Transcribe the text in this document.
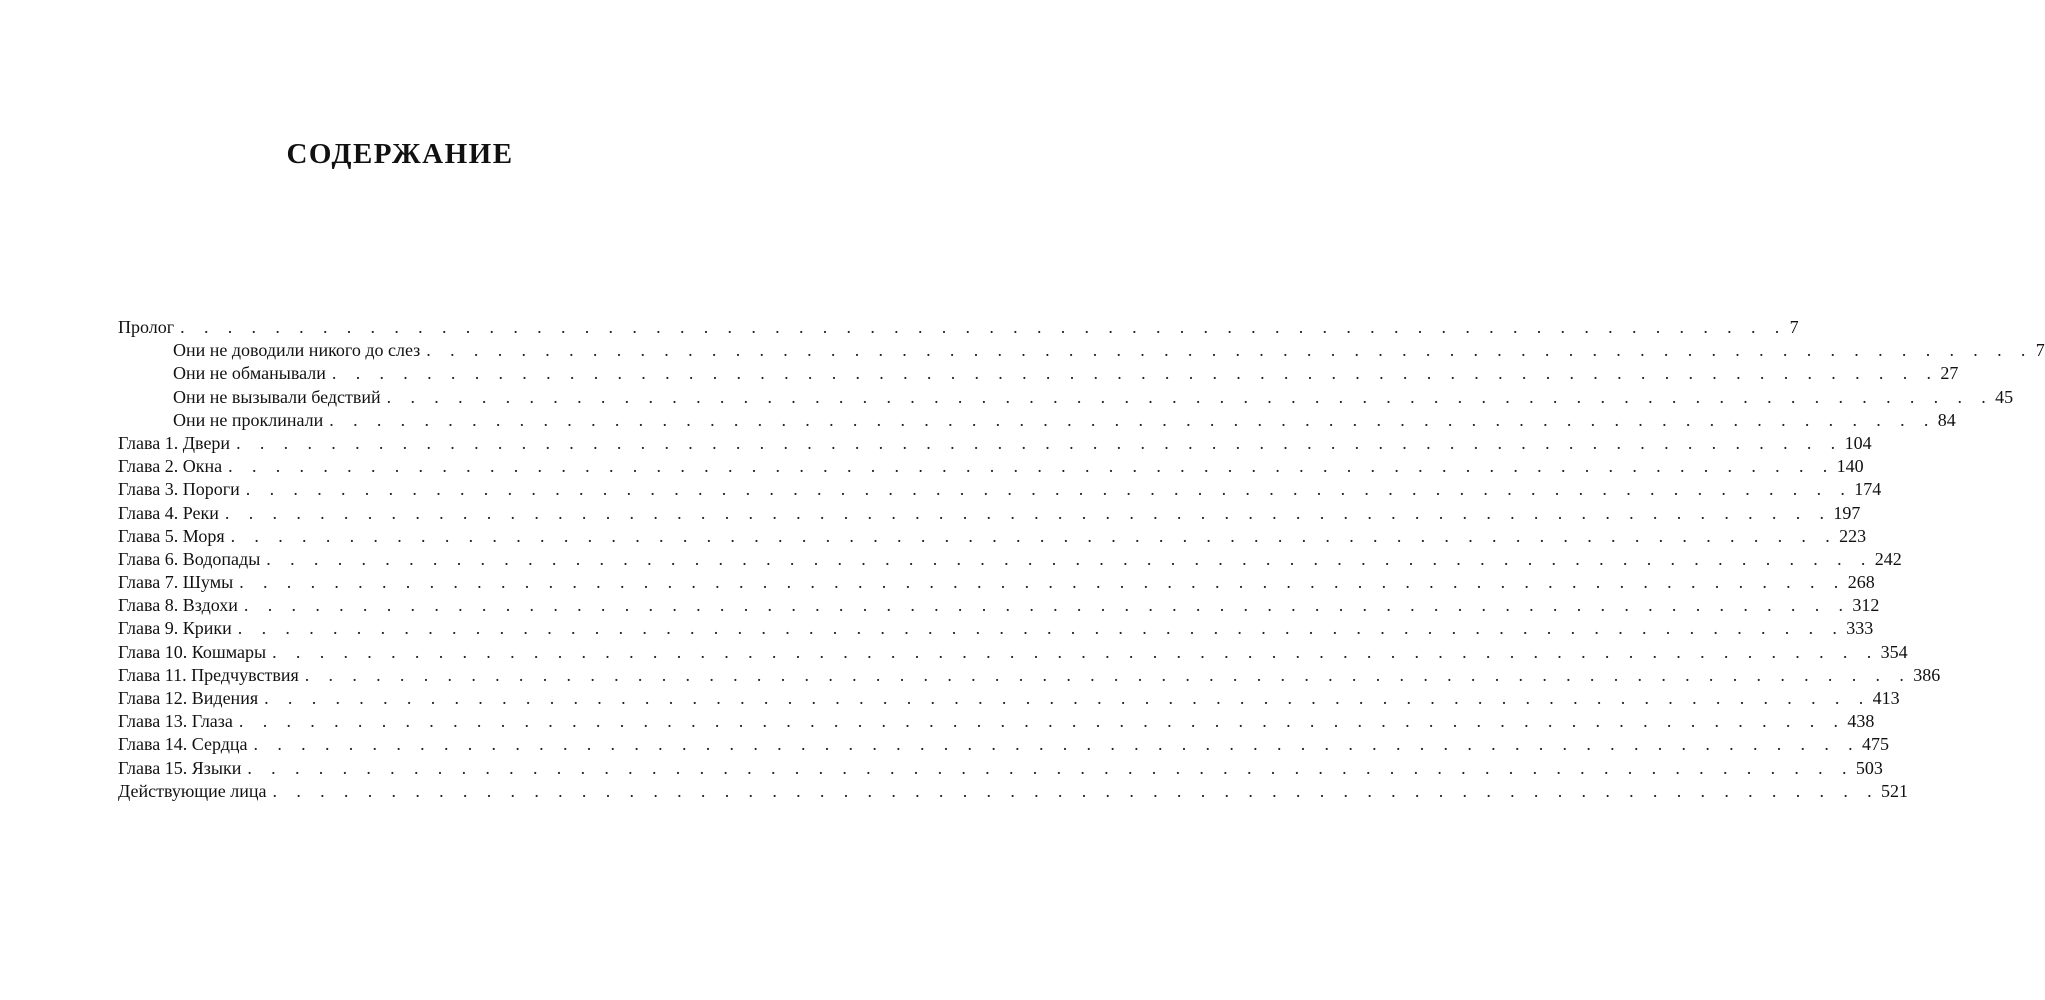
СОДЕРЖАНИЕ
Пролог . . . . . . . . . . . . . . . . . . . . . . . . . . . . . . . . . . . . . . . . . . . . . . . . . . . . . . . . . . . . . . . . . . . . 7
Они не доводили никого до слез . . . . . . . . . . . . . . . . . . . . . . . . . . . . . . . . . . . . . . . . . . . . . . . . . . . . . . . . . . . . . . . . . . . . 7
Они не обманывали . . . . . . . . . . . . . . . . . . . . . . . . . . . . . . . . . . . . . . . . . . . . . . . . . . . . . . . . . . . . . . . . . . . . 27
Они не вызывали бедствий . . . . . . . . . . . . . . . . . . . . . . . . . . . . . . . . . . . . . . . . . . . . . . . . . . . . . . . . . . . . . . . . . . . . 45
Они не проклинали . . . . . . . . . . . . . . . . . . . . . . . . . . . . . . . . . . . . . . . . . . . . . . . . . . . . . . . . . . . . . . . . . . . . 84
Глава 1. Двери . . . . . . . . . . . . . . . . . . . . . . . . . . . . . . . . . . . . . . . . . . . . . . . . . . . . . . . . . . . . . . . . . . . . 104
Глава 2. Окна . . . . . . . . . . . . . . . . . . . . . . . . . . . . . . . . . . . . . . . . . . . . . . . . . . . . . . . . . . . . . . . . . . . . 140
Глава 3. Пороги . . . . . . . . . . . . . . . . . . . . . . . . . . . . . . . . . . . . . . . . . . . . . . . . . . . . . . . . . . . . . . . . . . . . 174
Глава 4. Реки . . . . . . . . . . . . . . . . . . . . . . . . . . . . . . . . . . . . . . . . . . . . . . . . . . . . . . . . . . . . . . . . . . . . 197
Глава 5. Моря . . . . . . . . . . . . . . . . . . . . . . . . . . . . . . . . . . . . . . . . . . . . . . . . . . . . . . . . . . . . . . . . . . . . 223
Глава 6. Водопады . . . . . . . . . . . . . . . . . . . . . . . . . . . . . . . . . . . . . . . . . . . . . . . . . . . . . . . . . . . . . . . . . . . . 242
Глава 7. Шумы . . . . . . . . . . . . . . . . . . . . . . . . . . . . . . . . . . . . . . . . . . . . . . . . . . . . . . . . . . . . . . . . . . . . 268
Глава 8. Вздохи . . . . . . . . . . . . . . . . . . . . . . . . . . . . . . . . . . . . . . . . . . . . . . . . . . . . . . . . . . . . . . . . . . . . 312
Глава 9. Крики . . . . . . . . . . . . . . . . . . . . . . . . . . . . . . . . . . . . . . . . . . . . . . . . . . . . . . . . . . . . . . . . . . . . 333
Глава 10. Кошмары . . . . . . . . . . . . . . . . . . . . . . . . . . . . . . . . . . . . . . . . . . . . . . . . . . . . . . . . . . . . . . . . . . . . 354
Глава 11. Предчувствия . . . . . . . . . . . . . . . . . . . . . . . . . . . . . . . . . . . . . . . . . . . . . . . . . . . . . . . . . . . . . . . . . . . . 386
Глава 12. Видения . . . . . . . . . . . . . . . . . . . . . . . . . . . . . . . . . . . . . . . . . . . . . . . . . . . . . . . . . . . . . . . . . . . . 413
Глава 13. Глаза . . . . . . . . . . . . . . . . . . . . . . . . . . . . . . . . . . . . . . . . . . . . . . . . . . . . . . . . . . . . . . . . . . . . 438
Глава 14. Сердца . . . . . . . . . . . . . . . . . . . . . . . . . . . . . . . . . . . . . . . . . . . . . . . . . . . . . . . . . . . . . . . . . . . . 475
Глава 15. Языки . . . . . . . . . . . . . . . . . . . . . . . . . . . . . . . . . . . . . . . . . . . . . . . . . . . . . . . . . . . . . . . . . . . . 503
Действующие лица . . . . . . . . . . . . . . . . . . . . . . . . . . . . . . . . . . . . . . . . . . . . . . . . . . . . . . . . . . . . . . . . . . . . 521
